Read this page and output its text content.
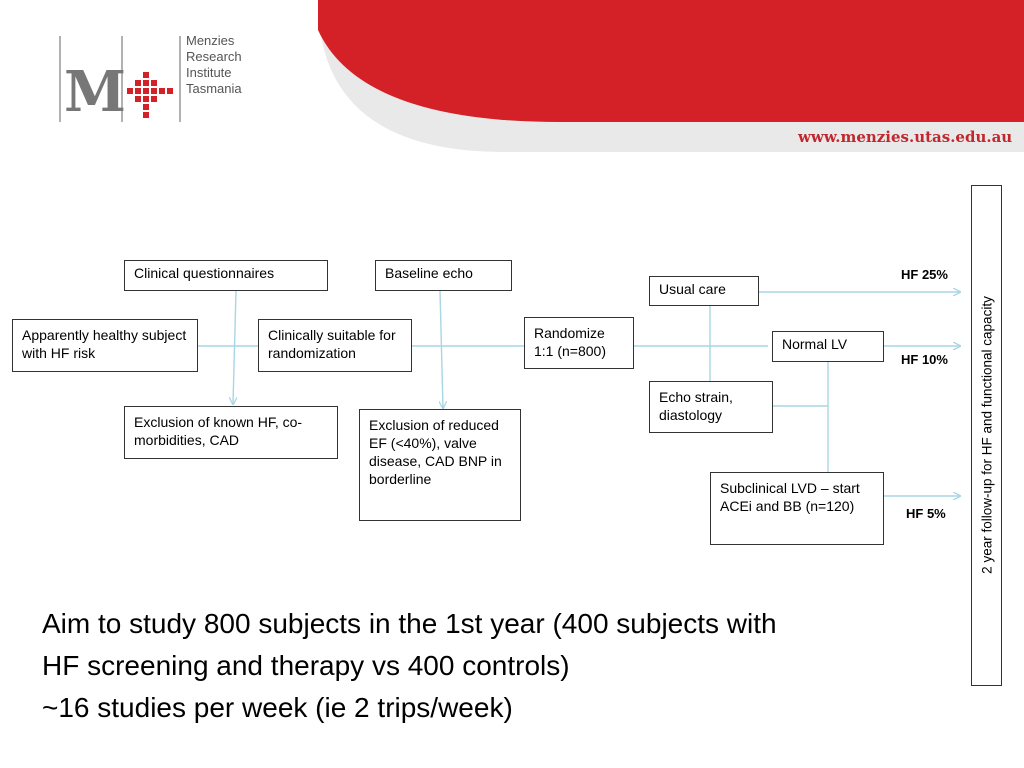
M
Menzies
Research
Institute
Tasmania
EARLY HEART FAILURE
Planned protocol
www.menzies.utas.edu.au
Clinical questionnaires	Baseline echo
Apparently healthy subject with HF risk
Clinically suitable for randomization
Randomize 1:1 (n=800)
Exclusion of known HF, co-morbidities, CAD
Exclusion of reduced EF (<40%), valve disease, CAD BNP in borderline
Usual care
Normal LV
Echo strain, diastology
Subclinical LVD – start ACEi and BB (n=120)
HF 25%
HF 10%
HF 5%	2 year follow-up for HF and functional capacity
Aim to study 800 subjects in the 1st year (400 subjects with
HF screening and therapy vs 400 controls)
~16 studies per week (ie 2 trips/week)
